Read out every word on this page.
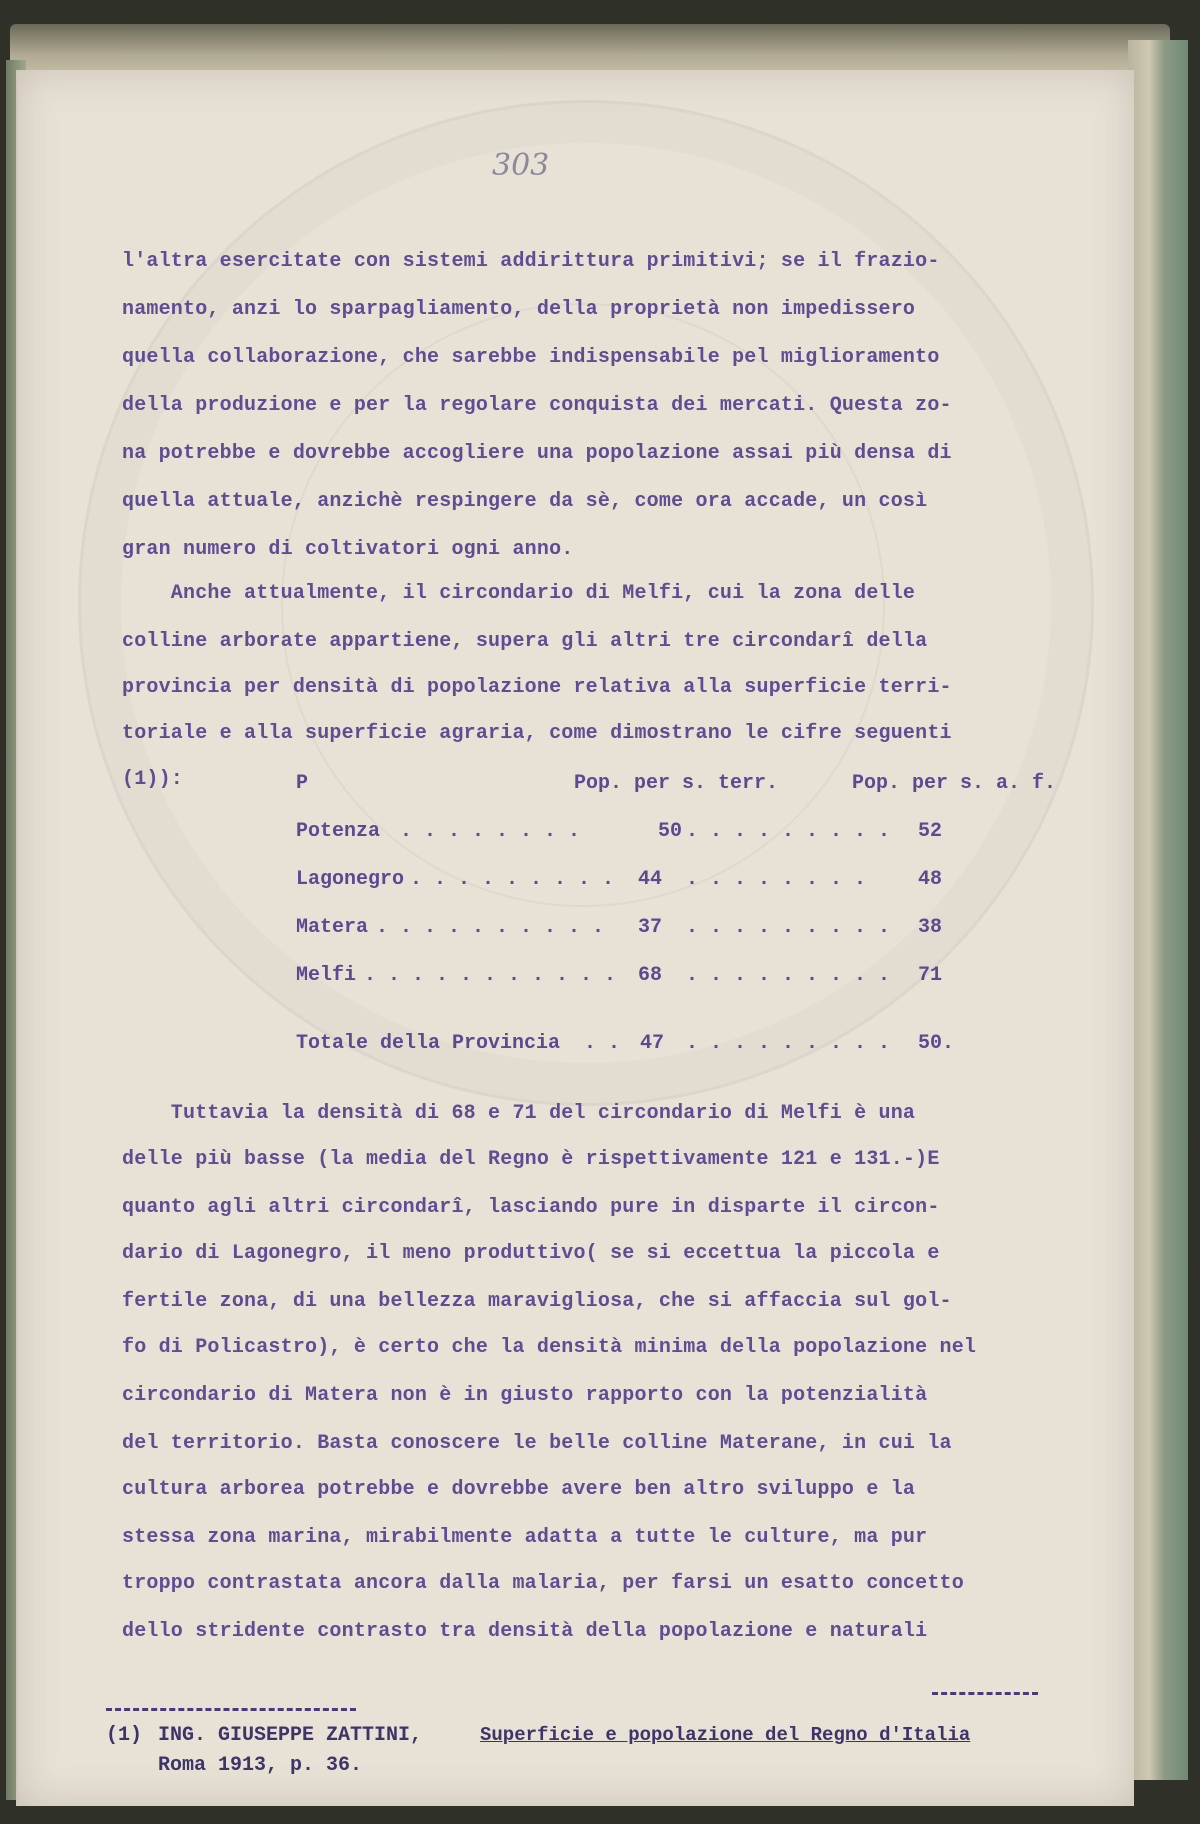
303
l'altra esercitate con sistemi addirittura primitivi; se il frazio-
namento, anzi lo sparpagliamento, della proprietà non impedissero
quella collaborazione, che sarebbe indispensabile pel miglioramento
della produzione e per la regolare conquista dei mercati. Questa zo-
na potrebbe e dovrebbe accogliere una popolazione assai più densa di
quella attuale, anzichè respingere da sè, come ora accade, un così
gran numero di coltivatori ogni anno.
Anche attualmente, il circondario di Melfi, cui la zona delle
colline arborate appartiene, supera gli altri tre circondarî della
provincia per densità di popolazione relativa alla superficie terri-
toriale e alla superficie agraria, come dimostrano le cifre seguenti
(1)):	P	Pop. per s. terr.	Pop. per s. a. f.
Potenza . . . . . . . .	50 . . . . . . . . . 52
Lagonegro . . . . . . . . . 44 . . . . . . . .	48
Matera . . . . . . . . . . 37 . . . . . . . . . 38
Melfi . . . . . . . . . . . 68 . . . . . . . . . 71
Totale della Provincia . . 47 . . . . . . . . . 50.
Tuttavia la densità di 68 e 71 del circondario di Melfi è una
delle più basse (la media del Regno è rispettivamente 121 e 131.-)E
quanto agli altri circondarî, lasciando pure in disparte il circon-
dario di Lagonegro, il meno produttivo( se si eccettua la piccola e
fertile zona, di una bellezza maravigliosa, che si affaccia sul gol-
fo di Policastro), è certo che la densità minima della popolazione nel
circondario di Matera non è in giusto rapporto con la potenzialità
del territorio. Basta conoscere le belle colline Materane, in cui la
cultura arborea potrebbe e dovrebbe avere ben altro sviluppo e la
stessa zona marina, mirabilmente adatta a tutte le culture, ma pur
troppo contrastata ancora dalla malaria, per farsi un esatto concetto
dello stridente contrasto tra densità della popolazione e naturali
(1) ING. GIUSEPPE ZATTINI,	Superficie e popolazione del Regno d'Italia
Roma 1913, p. 36.
